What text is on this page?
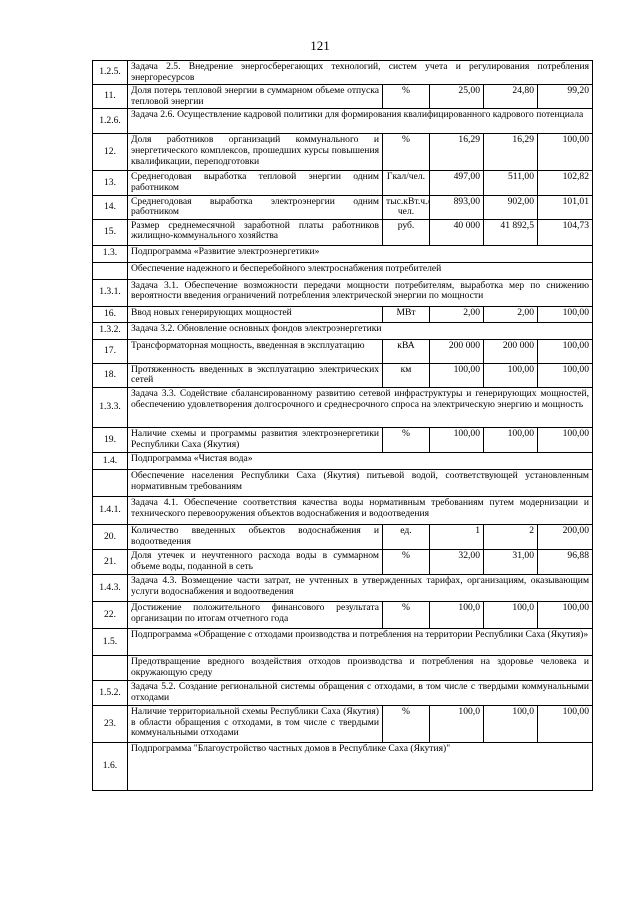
121
1.2.5.	Задача 2.5. Внедрение энергосберегающих технологий, систем учета и регулирования потребления энергоресурсов				
11.	Доля потерь тепловой энергии в суммарном объеме отпуска тепловой энергии	%	25,00	24,80	99,20
1.2.6.	Задача 2.6. Осуществление кадровой политики для формирования квалифицированного кадрового потенциала				
12.	Доля работников организаций коммунального и энергетического комплексов, прошедших курсы повышения квалификации, переподготовки	%	16,29	16,29	100,00
13.	Среднегодовая выработка тепловой энергии одним работником	Гкал/чел.	497,00	511,00	102,82
14.	Среднегодовая выработка электроэнергии одним работником	тыс.кВт.ч./ чел.	893,00	902,00	101,01
15.	Размер среднемесячной заработной платы работников жилищно-коммунального хозяйства	руб.	40 000	41 892,5	104,73
1.3.	Подпрограмма «Развитие электроэнергетики»				
	Обеспечение надежного и бесперебойного электроснабжения потребителей				
1.3.1.	Задача 3.1. Обеспечение возможности передачи мощности потребителям, выработка мер по снижению вероятности введения ограничений потребления электрической энергии по мощности				
16.	Ввод новых генерирующих мощностей	МВт	2,00	2,00	100,00
1.3.2.	Задача 3.2. Обновление основных фондов электроэнергетики				
17.	Трансформаторная мощность, введенная в эксплуатацию	кВА	200 000	200 000	100,00
18.	Протяженность введенных в эксплуатацию электрических сетей	км	100,00	100,00	100,00
1.3.3.	Задача 3.3. Содействие сбалансированному развитию сетевой инфраструктуры и генерирующих мощностей, обеспечению удовлетворения долгосрочного и среднесрочного спроса на электрическую энергию и мощность				
19.	Наличие схемы и программы развития электроэнергетики Республики Саха (Якутия)	%	100,00	100,00	100,00
1.4.	Подпрограмма «Чистая вода»				
	Обеспечение населения Республики Саха (Якутия) питьевой водой, соответствующей установленным нормативным требованиям				
1.4.1.	Задача 4.1. Обеспечение соответствия качества воды нормативным требованиям путем модернизации и технического перевооружения объектов водоснабжения и водоотведения				
20.	Количество введенных объектов водоснабжения и водоотведения	ед.	1	2	200,00
21.	Доля утечек и неучтенного расхода воды в суммарном объеме воды, поданной в сеть	%	32,00	31,00	96,88
1.4.3.	Задача 4.3. Возмещение части затрат, не учтенных в утвержденных тарифах, организациям, оказывающим услуги водоснабжения и водоотведения				
22.	Достижение положительного финансового результата организации по итогам отчетного года	%	100,0	100,0	100,00
1.5.	Подпрограмма «Обращение с отходами производства и потребления на территории Республики Саха (Якутия)»				
	Предотвращение вредного воздействия отходов производства и потребления на здоровье человека и окружающую среду				
1.5.2.	Задача 5.2. Создание региональной системы обращения с отходами, в том числе с твердыми коммунальными отходами				
23.	Наличие территориальной схемы Республики Саха (Якутия) в области обращения с отходами, в том числе с твердыми коммунальными отходами	%	100,0	100,0	100,00
1.6.	Подпрограмма "Благоустройство частных домов в Республике Саха (Якутия)"				
